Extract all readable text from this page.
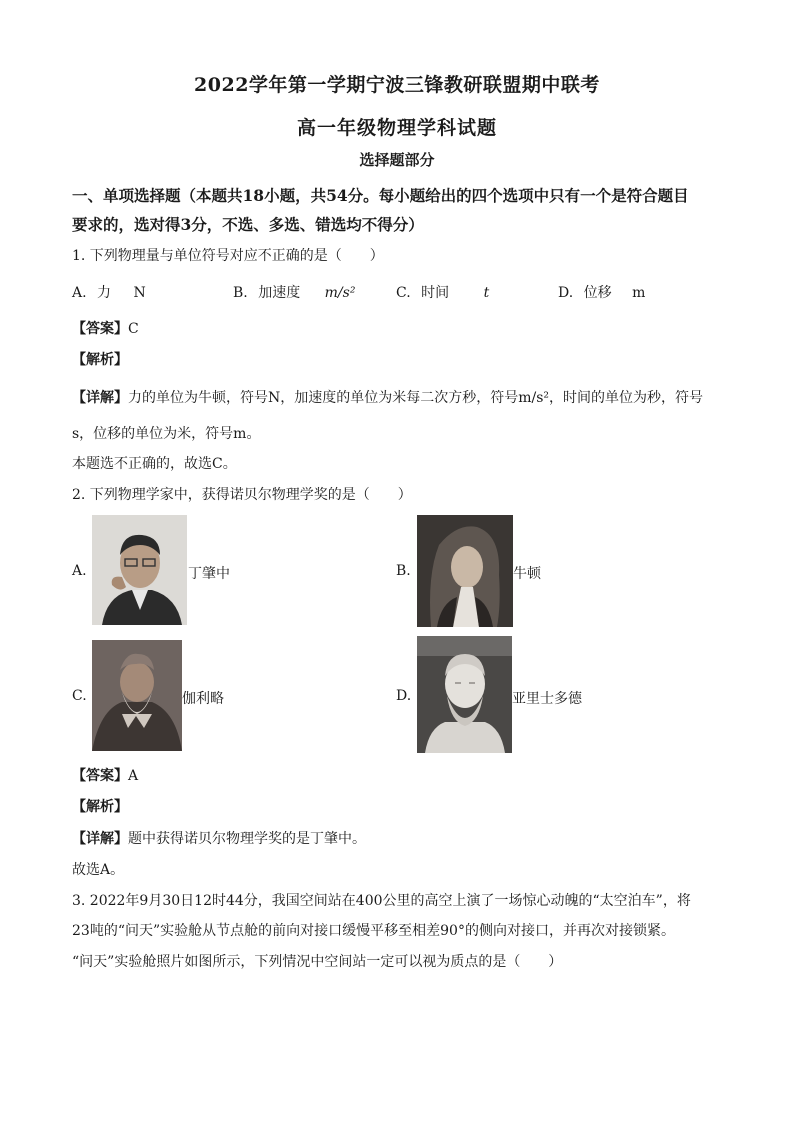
2022学年第一学期宁波三锋教研联盟期中联考
高一年级物理学科试题
选择题部分
一、单项选择题（本题共18小题，共54分。每小题给出的四个选项中只有一个是符合题目
要求的，选对得3分，不选、多选、错选均不得分）
1. 下列物理量与单位符号对应不正确的是（　　）
A. 力 N	B. 加速度 m/s²	C. 时间 t	D. 位移 m
【答案】C
【解析】
【详解】力的单位为牛顿，符号N，加速度的单位为米每二次方秒，符号m/s²，时间的单位为秒，符号
s，位移的单位为米，符号m。
本题选不正确的，故选C。
2. 下列物理学家中，获得诺贝尔物理学奖的是（　　）
A.	丁肇中	B.	牛顿
C.	伽利略	D.	亚里士多德
【答案】A
【解析】
【详解】题中获得诺贝尔物理学奖的是丁肇中。
故选A。
3. 2022年9月30日12时44分，我国空间站在400公里的高空上演了一场惊心动魄的“太空泊车”，将
23吨的“问天”实验舱从节点舱的前向对接口缓慢平移至相差90°的侧向对接口，并再次对接锁紧。
“问天”实验舱照片如图所示，下列情况中空间站一定可以视为质点的是（　　）
